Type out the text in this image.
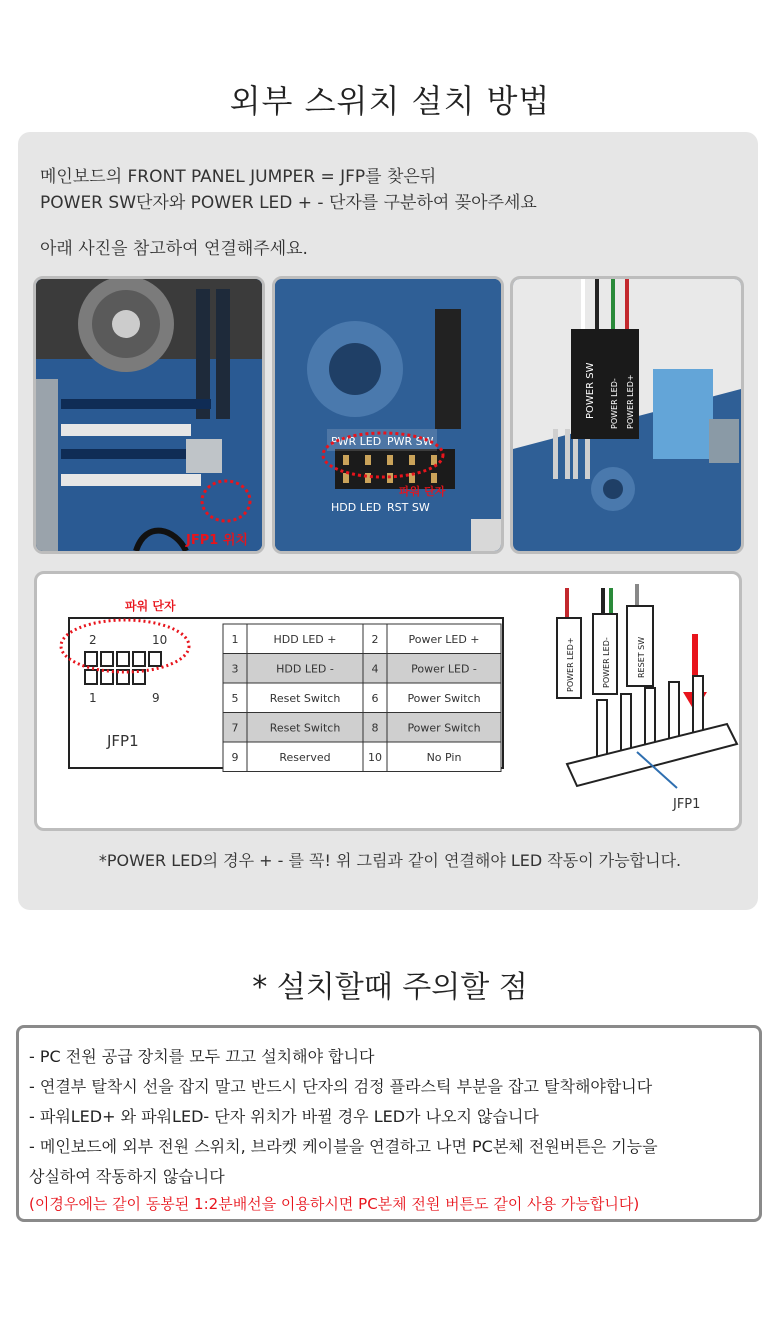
외부 스위치 설치 방법
메인보드의 FRONT PANEL JUMPER = JFP를 찾은뒤
POWER SW단자와 POWER LED + - 단자를 구분하여 꽂아주세요
아래 사진을 참고하여 연결해주세요.
JFP1 위치
PWR LED PWR SW
HDD LED RST SW
파워 단자
POWER SW POWER LED- POWER LED+
파워 단자
2	10
1	9
JFP1
1	HDD LED +	2	Power LED +
3	HDD LED -	4	Power LED -
5	Reset Switch	6	Power Switch
7	Reset Switch	8	Power Switch
9	Reserved	10	No Pin
POWER LED+	POWER LED-	RESET SW
JFP1
*POWER LED의 경우 + - 를 꼭! 위 그림과 같이 연결해야 LED 작동이 가능합니다.
* 설치할때 주의할 점
- PC 전원 공급 장치를 모두 끄고 설치해야 합니다
- 연결부 탈착시 선을 잡지 말고 반드시 단자의 검정 플라스틱 부분을 잡고 탈착해야합니다
- 파워LED+ 와 파워LED- 단자 위치가 바뀔 경우 LED가 나오지 않습니다
- 메인보드에 외부 전원 스위치, 브라켓 케이블을 연결하고 나면 PC본체 전원버튼은 기능을
상실하여 작동하지 않습니다
(이경우에는 같이 동봉된 1:2분배선을 이용하시면 PC본체 전원 버튼도 같이 사용 가능합니다)
